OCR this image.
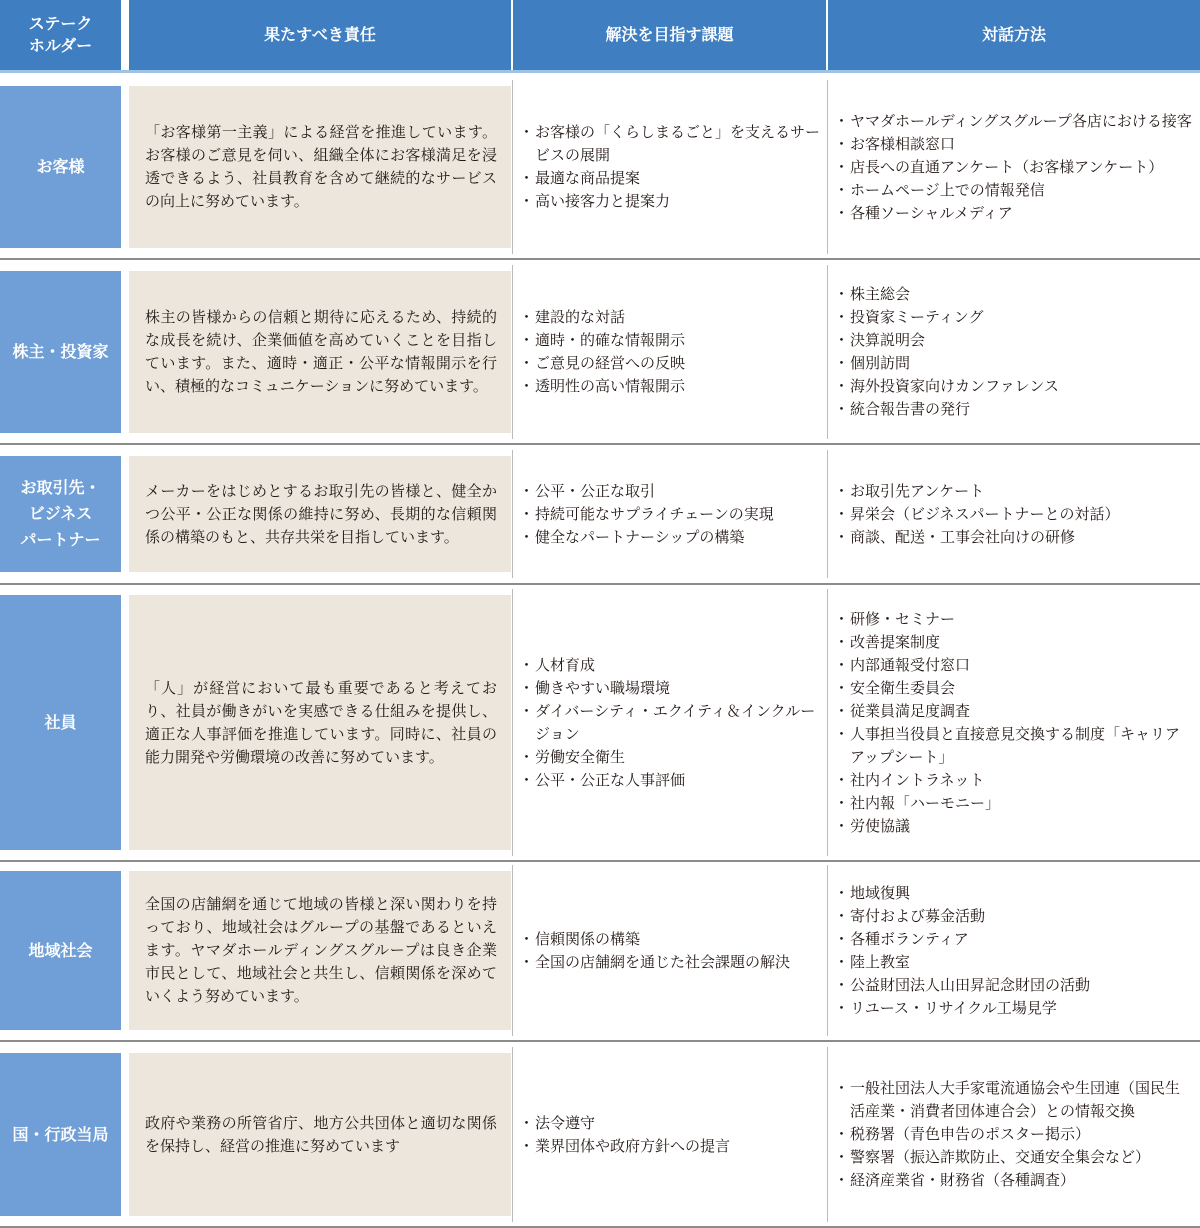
ステーク
ホルダー
果たすべき責任	解決を目指す課題	対話方法
お客様
「お客様第一主義」による経営を推進しています。お客様のご意見を伺い、組織全体にお客様満足を浸透できるよう、社員教育を含めて継続的なサービスの向上に努めています。
・ お客様の「くらしまるごと」を支えるサービスの展開
・ 最適な商品提案
・ 高い接客力と提案力
・ ヤマダホールディングスグループ各店における接客
・ お客様相談窓口
・ 店長への直通アンケート（お客様アンケート）
・ ホームページ上での情報発信
・ 各種ソーシャルメディア
株主・投資家
株主の皆様からの信頼と期待に応えるため、持続的な成長を続け、企業価値を高めていくことを目指しています。また、適時・適正・公平な情報開示を行い、積極的なコミュニケーションに努めています。
・ 建設的な対話
・ 適時・的確な情報開示
・ ご意見の経営への反映
・ 透明性の高い情報開示
・ 株主総会
・ 投資家ミーティング
・ 決算説明会
・ 個別訪問
・ 海外投資家向けカンファレンス
・ 統合報告書の発行
お取引先・
ビジネス
パートナー
メーカーをはじめとするお取引先の皆様と、健全かつ公平・公正な関係の維持に努め、長期的な信頼関係の構築のもと、共存共栄を目指しています。
・ 公平・公正な取引
・ 持続可能なサプライチェーンの実現
・ 健全なパートナーシップの構築
・ お取引先アンケート
・ 昇栄会（ビジネスパートナーとの対話）
・ 商談、配送・工事会社向けの研修
社員
「人」が経営において最も重要であると考えており、社員が働きがいを実感できる仕組みを提供し、適正な人事評価を推進しています。同時に、社員の能力開発や労働環境の改善に努めています。
・ 人材育成
・ 働きやすい職場環境
・ ダイバーシティ・エクイティ＆インクルージョン
・ 労働安全衛生
・ 公平・公正な人事評価
・ 研修・セミナー
・ 改善提案制度
・ 内部通報受付窓口
・ 安全衛生委員会
・ 従業員満足度調査
・ 人事担当役員と直接意見交換する制度「キャリアアップシート」
・ 社内イントラネット
・ 社内報「ハーモニー」
・ 労使協議
地域社会
全国の店舗網を通じて地域の皆様と深い関わりを持っており、地域社会はグループの基盤であるといえます。ヤマダホールディングスグループは良き企業市民として、地域社会と共生し、信頼関係を深めていくよう努めています。
・ 信頼関係の構築
・ 全国の店舗網を通じた社会課題の解決
・ 地域復興
・ 寄付および募金活動
・ 各種ボランティア
・ 陸上教室
・ 公益財団法人山田昇記念財団の活動
・ リユース・リサイクル工場見学
国・行政当局
政府や業務の所管省庁、地方公共団体と適切な関係を保持し、経営の推進に努めています
・ 法令遵守
・ 業界団体や政府方針への提言
・ 一般社団法人大手家電流通協会や生団連（国民生活産業・消費者団体連合会）との情報交換
・ 税務署（青色申告のポスター掲示）
・ 警察署（振込詐欺防止、交通安全集会など）
・ 経済産業省・財務省（各種調査）
